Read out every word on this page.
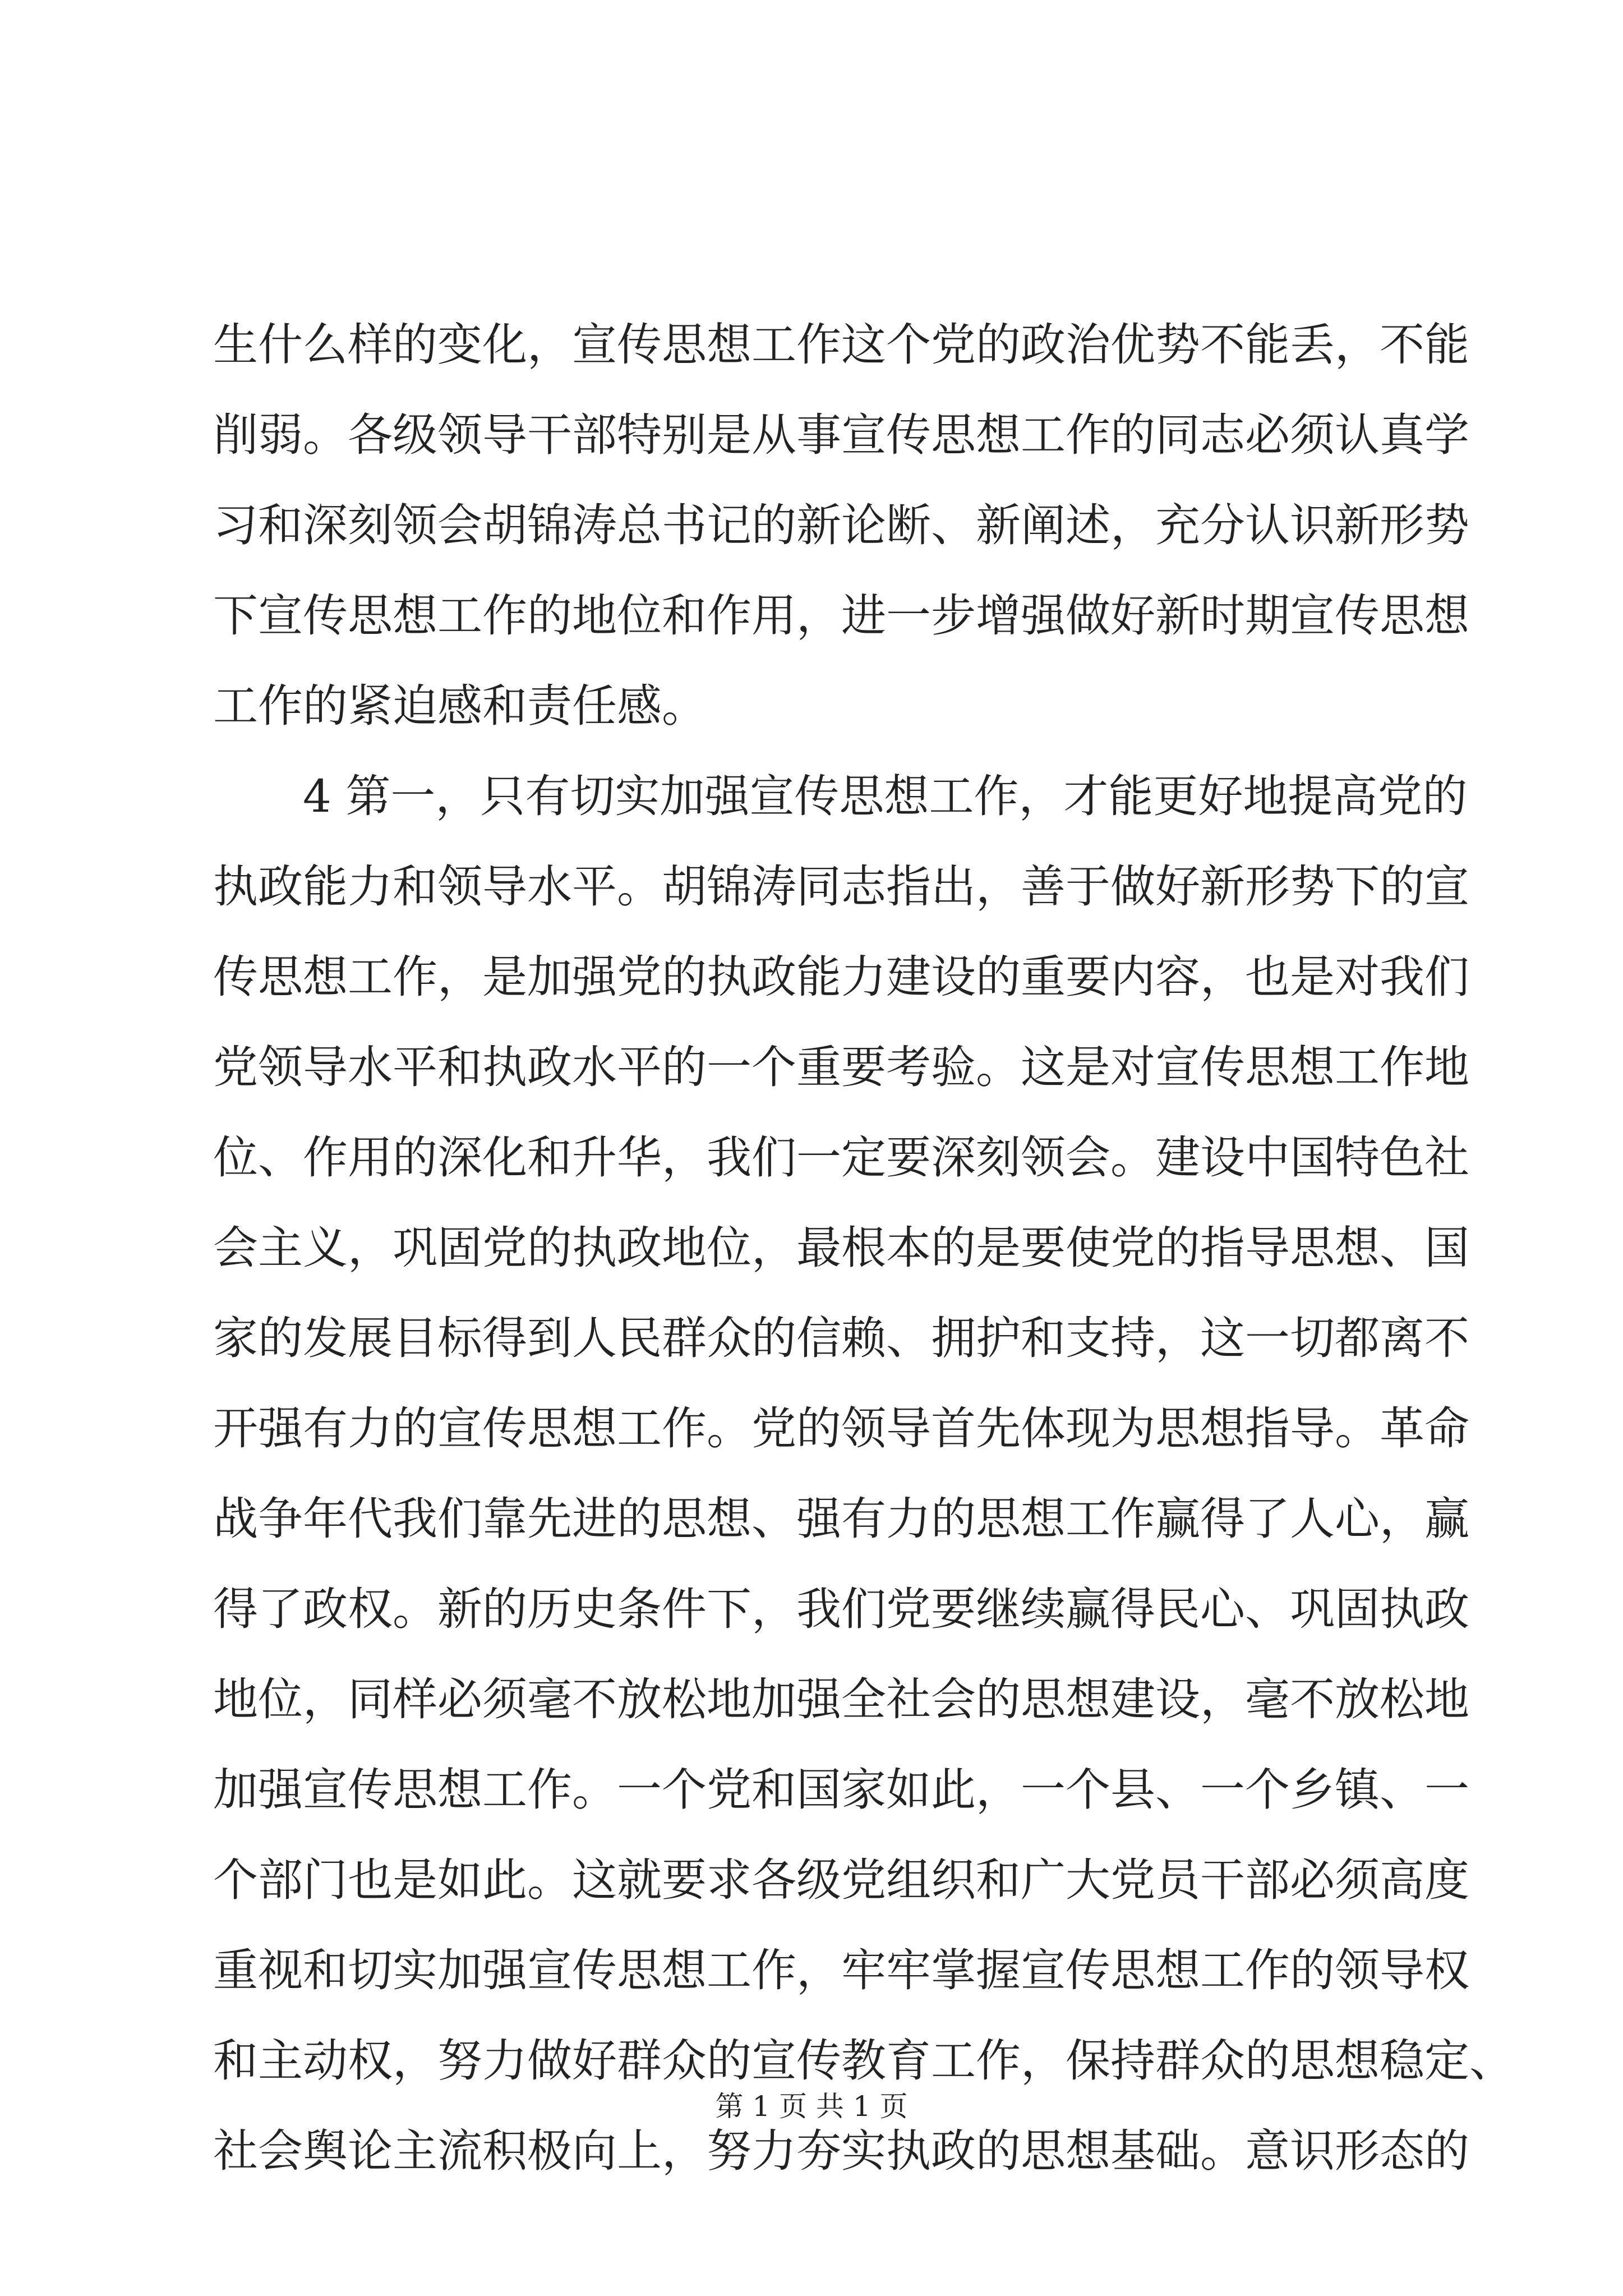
生 什 么 样 的 变 化 ， 宣 传 思 想 工 作 这 个 党 的 政 治 优 势 不 能 丢 ， 不 能
削 弱 。 各 级 领 导 干 部 特 别 是 从 事 宣 传 思 想 工 作 的 同 志 必 须 认 真 学
习 和 深 刻 领 会 胡 锦 涛 总 书 记 的 新 论 断 、 新 阐 述 ， 充 分 认 识 新 形 势
下 宣 传 思 想 工 作 的 地 位 和 作 用 ， 进 一 步 增 强 做 好 新 时 期 宣 传 思 想
工作的紧迫感和责任感。
4
第 一 ， 只 有 切 实 加 强 宣 传 思 想 工 作 ， 才 能 更 好 地 提 高 党 的
执 政 能 力 和 领 导 水 平 。 胡 锦 涛 同 志 指 出 ， 善 于 做 好 新 形 势 下 的 宣
传 思 想 工 作 ， 是 加 强 党 的 执 政 能 力 建 设 的 重 要 内 容 ， 也 是 对 我 们
党 领 导 水 平 和 执 政 水 平 的 一 个 重 要 考 验 。 这 是 对 宣 传 思 想 工 作 地
位 、 作 用 的 深 化 和 升 华 ， 我 们 一 定 要 深 刻 领 会 。 建 设 中 国 特 色 社
会 主 义 ， 巩 固 党 的 执 政 地 位 ， 最 根 本 的 是 要 使 党 的 指 导 思 想 、 国
家 的 发 展 目 标 得 到 人 民 群 众 的 信 赖 、 拥 护 和 支 持 ， 这 一 切 都 离 不
开 强 有 力 的 宣 传 思 想 工 作 。 党 的 领 导 首 先 体 现 为 思 想 指 导 。 革 命
战 争 年 代 我 们 靠 先 进 的 思 想 、 强 有 力 的 思 想 工 作 赢 得 了 人 心 ， 赢
得 了 政 权 。 新 的 历 史 条 件 下 ， 我 们 党 要 继 续 赢 得 民 心 、 巩 固 执 政
地 位 ， 同 样 必 须 毫 不 放 松 地 加 强 全 社 会 的 思 想 建 设 ， 毫 不 放 松 地
加 强 宣 传 思 想 工 作 。 一 个 党 和 国 家 如 此 ， 一 个 县 、 一 个 乡 镇 、 一
个 部 门 也 是 如 此 。 这 就 要 求 各 级 党 组 织 和 广 大 党 员 干 部 必 须 高 度
重 视 和 切 实 加 强 宣 传 思 想 工 作 ， 牢 牢 掌 握 宣 传 思 想 工 作 的 领 导 权
和 主 动 权 ， 努 力 做 好 群 众 的 宣 传 教 育 工 作 ， 保 持 群 众 的 思 想 稳 定 、
社 会 舆 论 主 流 积 极 向 上 ， 努 力 夯 实 执 政 的 思 想 基 础 。 意 识 形 态 的
第 1 页 共 1 页
